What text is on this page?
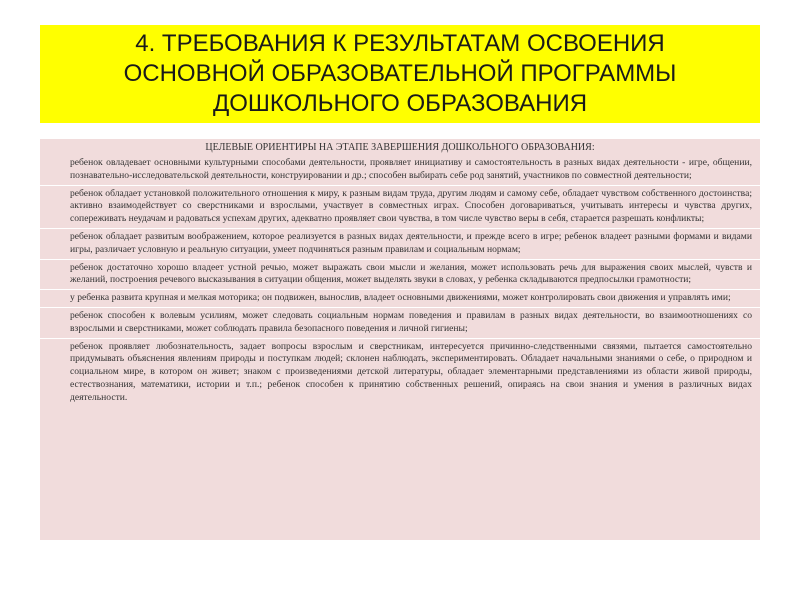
4. ТРЕБОВАНИЯ К РЕЗУЛЬТАТАМ ОСВОЕНИЯ
ОСНОВНОЙ ОБРАЗОВАТЕЛЬНОЙ ПРОГРАММЫ
ДОШКОЛЬНОГО ОБРАЗОВАНИЯ
ЦЕЛЕВЫЕ ОРИЕНТИРЫ НА ЭТАПЕ ЗАВЕРШЕНИЯ ДОШКОЛЬНОГО ОБРАЗОВАНИЯ:
ребенок овладевает основными культурными способами деятельности, проявляет инициативу и самостоятельность в разных видах деятельности - игре, общении, познавательно-исследовательской деятельности, конструировании и др.; способен выбирать себе род занятий, участников по совместной деятельности;
ребенок обладает установкой положительного отношения к миру, к разным видам труда, другим людям и самому себе, обладает чувством собственного достоинства; активно взаимодействует со сверстниками и взрослыми, участвует в совместных играх. Способен договариваться, учитывать интересы и чувства других, сопереживать неудачам и радоваться успехам других, адекватно проявляет свои чувства, в том числе чувство веры в себя, старается разрешать конфликты;
ребенок обладает развитым воображением, которое реализуется в разных видах деятельности, и прежде всего в игре; ребенок владеет разными формами и видами игры, различает условную и реальную ситуации, умеет подчиняться разным правилам и социальным нормам;
ребенок достаточно хорошо владеет устной речью, может выражать свои мысли и желания, может использовать речь для выражения своих мыслей, чувств и желаний, построения речевого высказывания в ситуации общения, может выделять звуки в словах, у ребенка складываются предпосылки грамотности;
у ребенка развита крупная и мелкая моторика; он подвижен, вынослив, владеет основными движениями, может контролировать свои движения и управлять ими;
ребенок способен к волевым усилиям, может следовать социальным нормам поведения и правилам в разных видах деятельности, во взаимоотношениях со взрослыми и сверстниками, может соблюдать правила безопасного поведения и личной гигиены;
ребенок проявляет любознательность, задает вопросы взрослым и сверстникам, интересуется причинно-следственными связями, пытается самостоятельно придумывать объяснения явлениям природы и поступкам людей; склонен наблюдать, экспериментировать. Обладает начальными знаниями о себе, о природном и социальном мире, в котором он живет; знаком с произведениями детской литературы, обладает элементарными представлениями из области живой природы, естествознания, математики, истории и т.п.; ребенок способен к принятию собственных решений, опираясь на свои знания и умения в различных видах деятельности.
